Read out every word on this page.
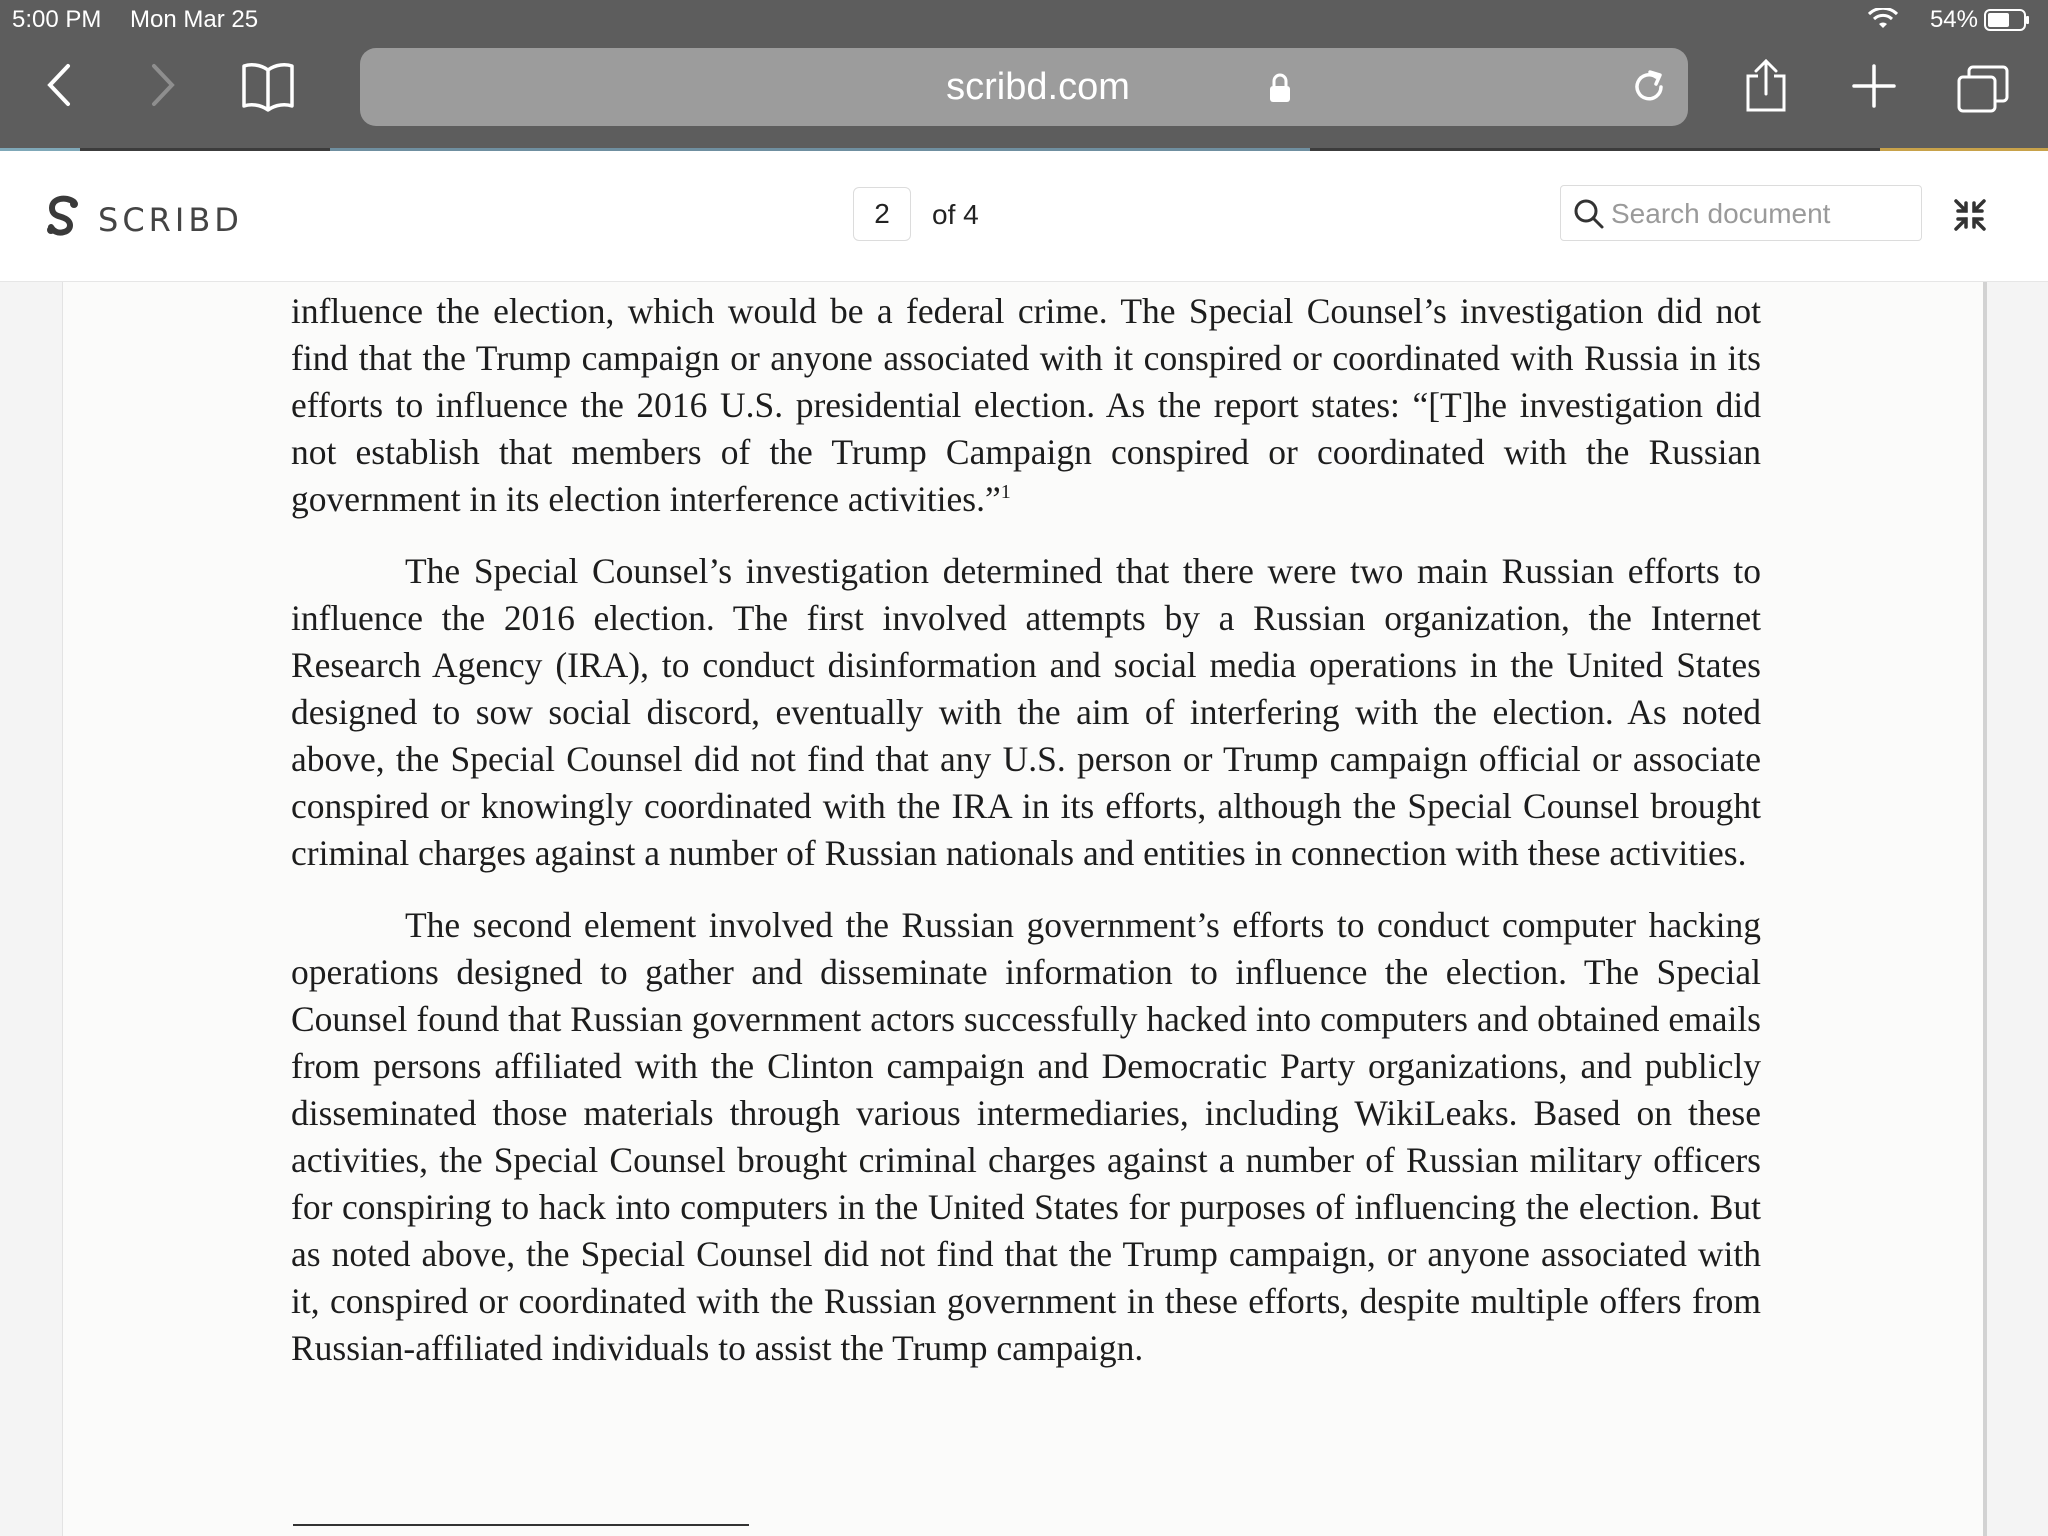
5:00 PM Mon Mar 25	54%
scribd.com
SCRIBD	2	of 4
Search document

influence the election, which would be a federal crime. The Special Counsel’s investigation did not find that the Trump campaign or anyone associated with it conspired or coordinated with Russia in its efforts to influence the 2016 U.S. presidential election. As the report states: “[T]he investigation did not establish that members of the Trump Campaign conspired or coordinated with the Russian government in its election interference activities.”$^1$

The Special Counsel’s investigation determined that there were two main Russian efforts to influence the 2016 election. The first involved attempts by a Russian organization, the Internet Research Agency (IRA), to conduct disinformation and social media operations in the United States designed to sow social discord, eventually with the aim of interfering with the election. As noted above, the Special Counsel did not find that any U.S. person or Trump campaign official or associate conspired or knowingly coordinated with the IRA in its efforts, although the Special Counsel brought criminal charges against a number of Russian nationals and entities in connection with these activities.

The second element involved the Russian government’s efforts to conduct computer hacking operations designed to gather and disseminate information to influence the election. The Special Counsel found that Russian government actors successfully hacked into computers and obtained emails from persons affiliated with the Clinton campaign and Democratic Party organizations, and publicly disseminated those materials through various intermediaries, including WikiLeaks. Based on these activities, the Special Counsel brought criminal charges against a number of Russian military officers for conspiring to hack into computers in the United States for purposes of influencing the election. But as noted above, the Special Counsel did not find that the Trump campaign, or anyone associated with it, conspired or coordinated with the Russian government in these efforts, despite multiple offers from Russian-affiliated individuals to assist the Trump campaign.
